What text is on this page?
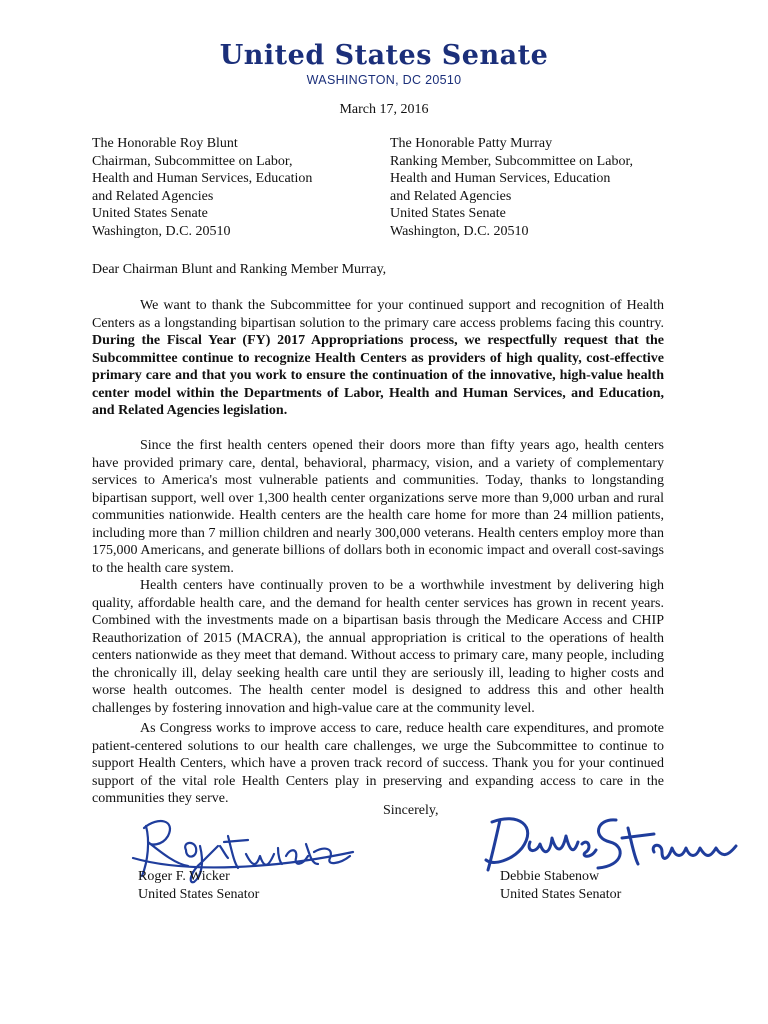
United States Senate
WASHINGTON, DC 20510
March 17, 2016
The Honorable Roy Blunt
Chairman, Subcommittee on Labor,
Health and Human Services, Education
and Related Agencies
United States Senate
Washington, D.C. 20510
The Honorable Patty Murray
Ranking Member, Subcommittee on Labor,
Health and Human Services, Education
and Related Agencies
United States Senate
Washington, D.C. 20510
Dear Chairman Blunt and Ranking Member Murray,

We want to thank the Subcommittee for your continued support and recognition of Health Centers as a longstanding bipartisan solution to the primary care access problems facing this country. During the Fiscal Year (FY) 2017 Appropriations process, we respectfully request that the Subcommittee continue to recognize Health Centers as providers of high quality, cost-effective primary care and that you work to ensure the continuation of the innovative, high-value health center model within the Departments of Labor, Health and Human Services, and Education, and Related Agencies legislation.

Since the first health centers opened their doors more than fifty years ago, health centers have provided primary care, dental, behavioral, pharmacy, vision, and a variety of complementary services to America's most vulnerable patients and communities. Today, thanks to longstanding bipartisan support, well over 1,300 health center organizations serve more than 9,000 urban and rural communities nationwide. Health centers are the health care home for more than 24 million patients, including more than 7 million children and nearly 300,000 veterans. Health centers employ more than 175,000 Americans, and generate billions of dollars both in economic impact and overall cost-savings to the health care system.

Health centers have continually proven to be a worthwhile investment by delivering high quality, affordable health care, and the demand for health center services has grown in recent years. Combined with the investments made on a bipartisan basis through the Medicare Access and CHIP Reauthorization of 2015 (MACRA), the annual appropriation is critical to the operations of health centers nationwide as they meet that demand. Without access to primary care, many people, including the chronically ill, delay seeking health care until they are seriously ill, leading to higher costs and worse health outcomes. The health center model is designed to address this and other health challenges by fostering innovation and high-value care at the community level.

As Congress works to improve access to care, reduce health care expenditures, and promote patient-centered solutions to our health care challenges, we urge the Subcommittee to continue to support Health Centers, which have a proven track record of success. Thank you for your continued support of the vital role Health Centers play in preserving and expanding access to care in the communities they serve.

Sincerely,
Roger F. Wicker
United States Senator
Debbie Stabenow
United States Senator
